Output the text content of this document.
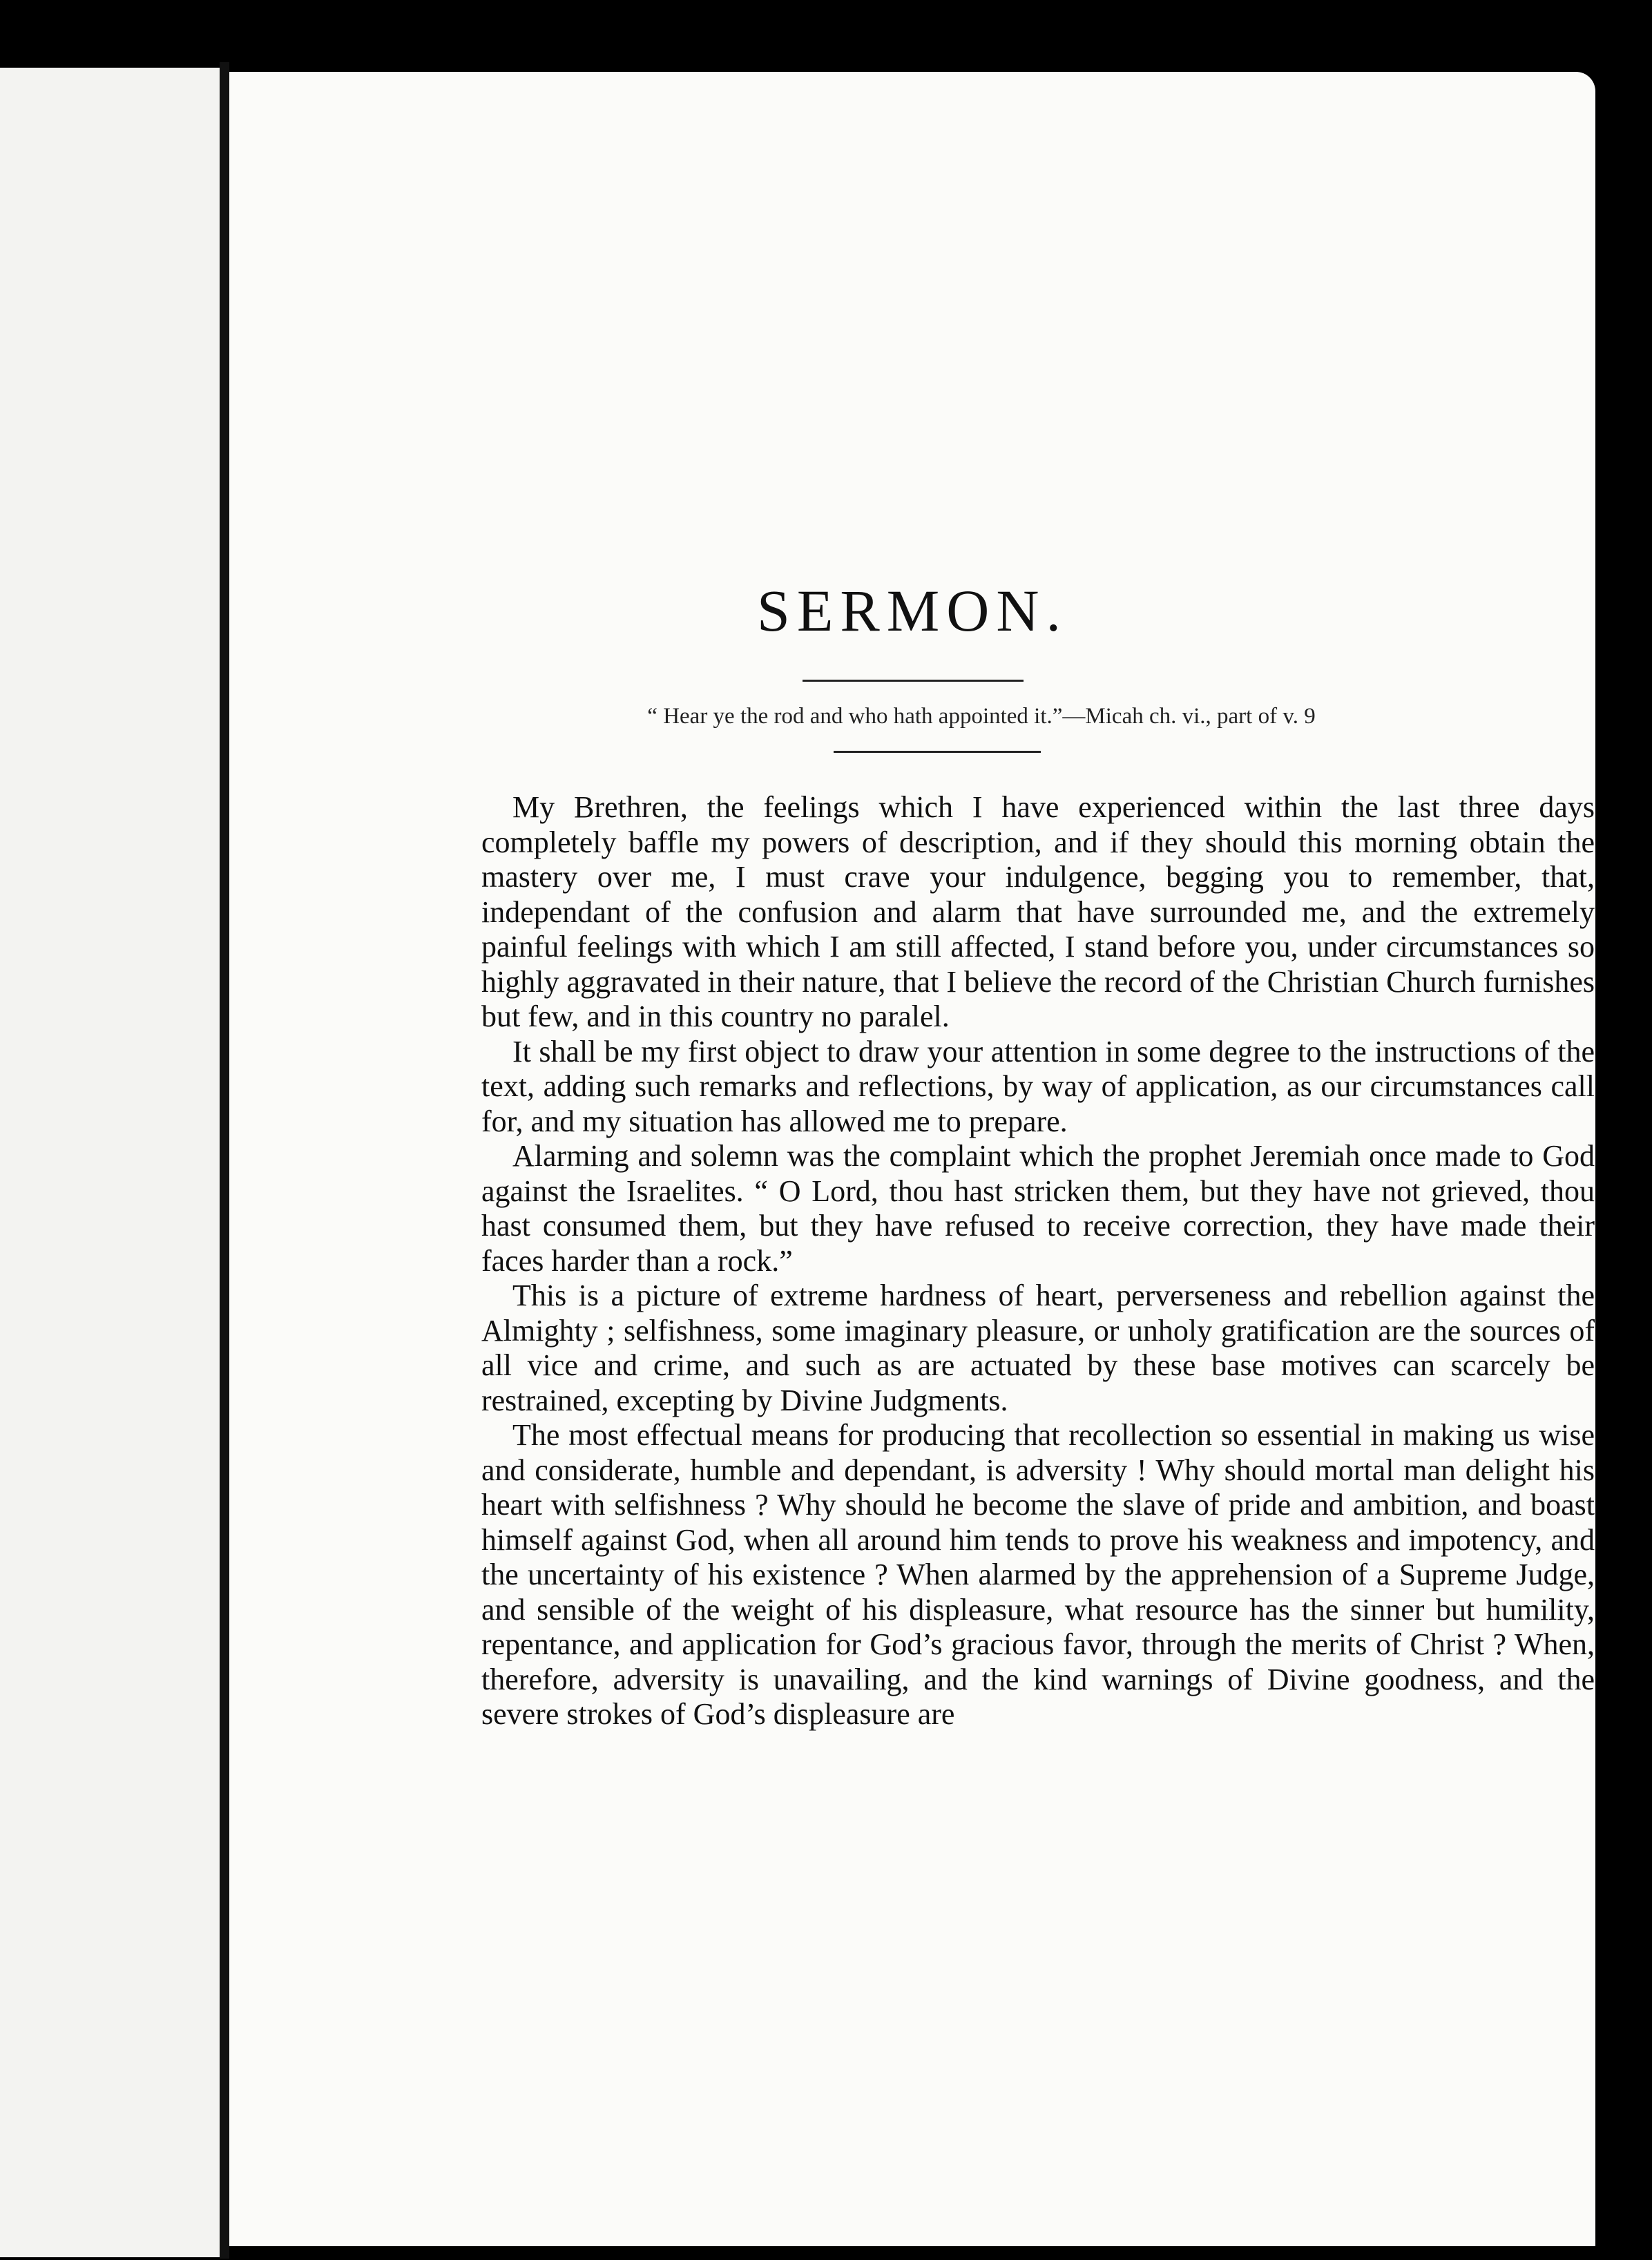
SERMON.

“ Hear ye the rod and who hath appointed it.”—Micah ch. vi., part of v. 9

My Brethren, the feelings which I have experienced within the last three days completely baffle my powers of description, and if they should this morning obtain the mastery over me, I must crave your indulgence, begging you to remember, that, independant of the confusion and alarm that have surrounded me, and the extremely painful feelings with which I am still affected, I stand before you, under circumstances so highly aggravated in their nature, that I believe the record of the Christian Church furnishes but few, and in this country no paralel.

It shall be my first object to draw your attention in some degree to the instructions of the text, adding such remarks and reflections, by way of application, as our circumstances call for, and my situation has allowed me to prepare.

Alarming and solemn was the complaint which the prophet Jeremiah once made to God against the Israelites. “ O Lord, thou hast stricken them, but they have not grieved, thou hast consumed them, but they have refused to receive correction, they have made their faces harder than a rock.”

This is a picture of extreme hardness of heart, perverseness and rebellion against the Almighty ; selfishness, some imaginary pleasure, or unholy gratification are the sources of all vice and crime, and such as are actuated by these base motives can scarcely be restrained, excepting by Divine Judgments.

The most effectual means for producing that recollection so essential in making us wise and considerate, humble and dependant, is adversity ! Why should mortal man delight his heart with selfishness ? Why should he become the slave of pride and ambition, and boast himself against God, when all around him tends to prove his weakness and impotency, and the uncertainty of his existence ? When alarmed by the apprehension of a Supreme Judge, and sensible of the weight of his displeasure, what resource has the sinner but humility, repentance, and application for God’s gracious favor, through the merits of Christ ? When, therefore, adversity is unavailing, and the kind warnings of Divine goodness, and the severe strokes of God’s displeasure are
